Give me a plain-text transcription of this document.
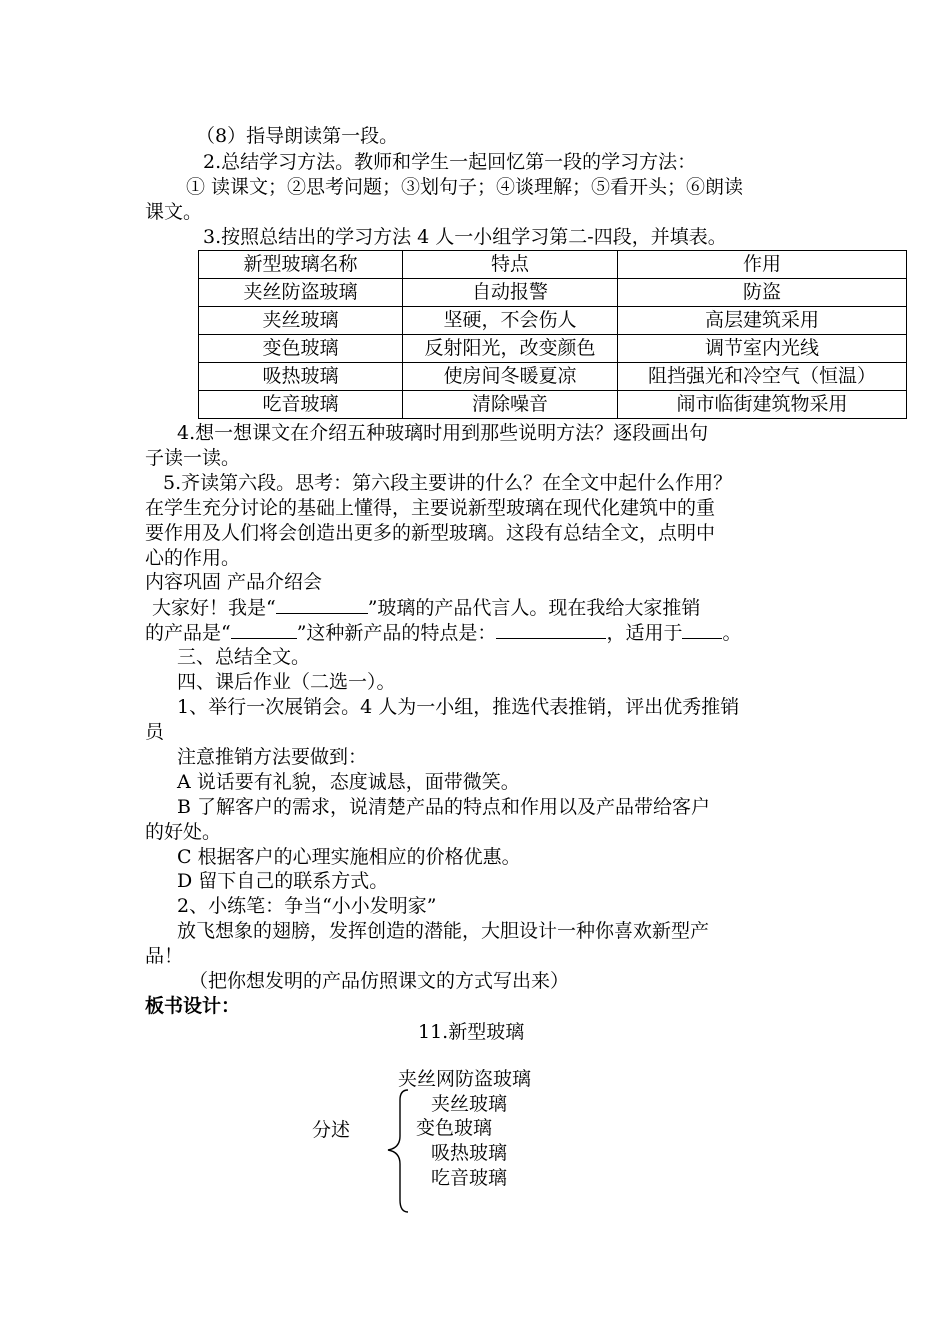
（8）指导朗读第一段。
2.总结学习方法。教师和学生一起回忆第一段的学习方法：
① 读课文；②思考问题；③划句子；④谈理解；⑤看开头；⑥朗读
课文。
3.按照总结出的学习方法 4 人一小组学习第二-四段，并填表。
新型玻璃名称	特点	作用
夹丝防盗玻璃	自动报警	防盗
夹丝玻璃	坚硬，不会伤人	高层建筑采用
变色玻璃	反射阳光，改变颜色	调节室内光线
吸热玻璃	使房间冬暖夏凉	阻挡强光和冷空气（恒温）
吃音玻璃	清除噪音	闹市临街建筑物采用
4.想一想课文在介绍五种玻璃时用到那些说明方法？逐段画出句
子读一读。
5.齐读第六段。思考：第六段主要讲的什么？在全文中起什么作用？
在学生充分讨论的基础上懂得，主要说新型玻璃在现代化建筑中的重
要作用及人们将会创造出更多的新型玻璃。这段有总结全文，点明中
心的作用。
内容巩固 产品介绍会
大家好！我是“	”玻璃的产品代言人。现在我给大家推销
的产品是“	”这种新产品的特点是：	，适用于 。
三、总结全文。
四、课后作业（二选一）。
1、举行一次展销会。4 人为一小组，推选代表推销，评出优秀推销
员
注意推销方法要做到：
A 说话要有礼貌，态度诚恳，面带微笑。
B 了解客户的需求，说清楚产品的特点和作用以及产品带给客户
的好处。
C 根据客户的心理实施相应的价格优惠。
D 留下自己的联系方式。
2、小练笔：争当“小小发明家”
放飞想象的翅膀，发挥创造的潜能，大胆设计一种你喜欢新型产
品！
（把你想发明的产品仿照课文的方式写出来）
板书设计：
11.新型玻璃
分述
夹丝网防盗玻璃
夹丝玻璃
变色玻璃
吸热玻璃
吃音玻璃
